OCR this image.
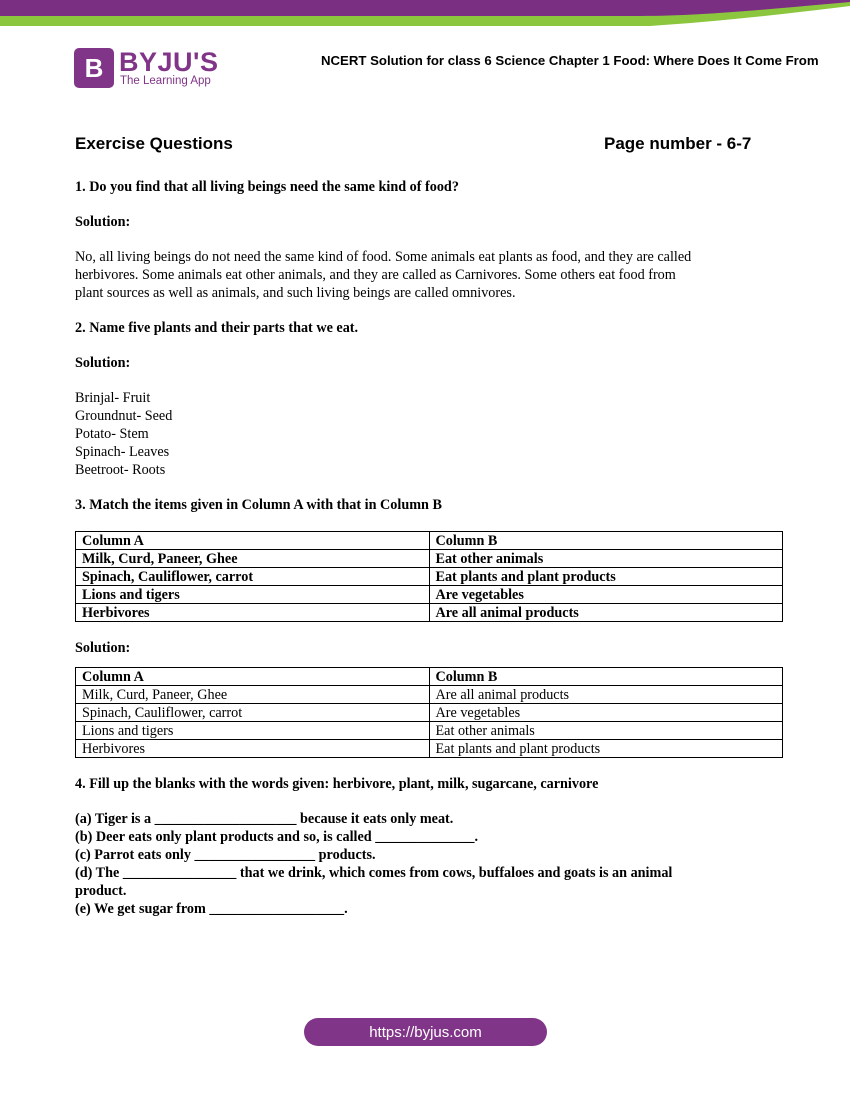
B BYJU'S
The Learning App
NCERT Solution for class 6 Science Chapter 1 Food: Where Does It Come From
Exercise Questions	Page number - 6-7
1. Do you find that all living beings need the same kind of food?
Solution:

No, all living beings do not need the same kind of food. Some animals eat plants as food, and they are called

herbivores. Some animals eat other animals, and they are called as Carnivores. Some others eat food from

plant sources as well as animals, and such living beings are called omnivores.

2. Name five plants and their parts that we eat.
Solution:

Brinjal- Fruit

Groundnut- Seed

Potato- Stem

Spinach- Leaves

Beetroot- Roots

3. Match the items given in Column A with that in Column B
Column A	Column B
Milk, Curd, Paneer, Ghee	Eat other animals
Spinach, Cauliflower, carrot	Eat plants and plant products
Lions and tigers	Are vegetables
Herbivores	Are all animal products
Solution:
Column A	Column B
Milk, Curd, Paneer, Ghee	Are all animal products
Spinach, Cauliflower, carrot	Are vegetables
Lions and tigers	Eat other animals
Herbivores	Eat plants and plant products
4. Fill up the blanks with the words given: herbivore, plant, milk, sugarcane, carnivore

(a) Tiger is a ____________________ because it eats only meat.

(b) Deer eats only plant products and so, is called ______________.

(c) Parrot eats only _________________ products.

(d) The ________________ that we drink, which comes from cows, buffaloes and goats is an animal

product.

(e) We get sugar from ___________________.

https://byjus.com
